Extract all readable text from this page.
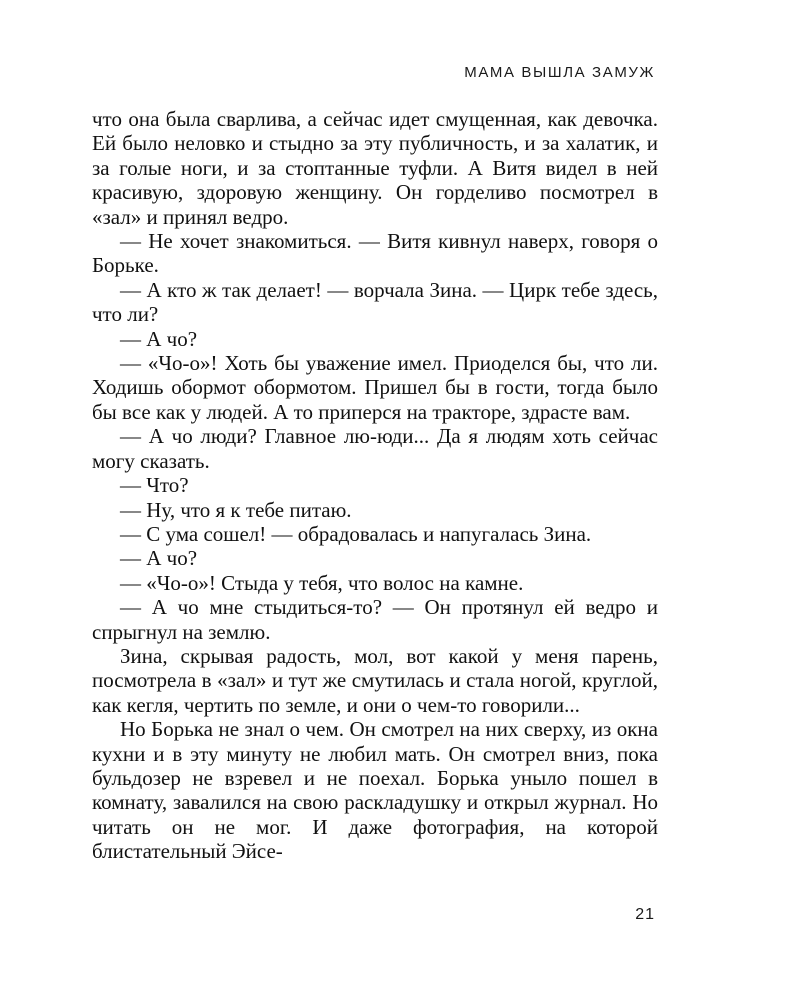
МАМА ВЫШЛА ЗАМУЖ

что она была сварлива, а сейчас идет смущенная, как девочка. Ей было неловко и стыдно за эту публичность, и за халатик, и за голые ноги, и за стоптанные туфли. А Витя видел в ней красивую, здоровую женщину. Он горделиво посмотрел в «зал» и принял ведро.

— Не хочет знакомиться. — Витя кивнул наверх, говоря о Борьке.

— А кто ж так делает! — ворчала Зина. — Цирк тебе здесь, что ли?

— А чо?

— «Чо-о»! Хоть бы уважение имел. Приоделся бы, что ли. Ходишь обормот обормотом. Пришел бы в гости, тогда было бы все как у людей. А то приперся на тракторе, здрасте вам.

— А чо люди? Главное лю-юди... Да я людям хоть сейчас могу сказать.

— Что?

— Ну, что я к тебе питаю.

— С ума сошел! — обрадовалась и напугалась Зина.

— А чо?

— «Чо-о»! Стыда у тебя, что волос на камне.

— А чо мне стыдиться-то? — Он протянул ей ведро и спрыгнул на землю.

Зина, скрывая радость, мол, вот какой у меня парень, посмотрела в «зал» и тут же смутилась и стала ногой, круглой, как кегля, чертить по земле, и они о чем-то говорили...

Но Борька не знал о чем. Он смотрел на них сверху, из окна кухни и в эту минуту не любил мать. Он смотрел вниз, пока бульдозер не взревел и не поехал. Борька уныло пошел в комнату, завалился на свою раскладушку и открыл журнал. Но читать он не мог. И даже фотография, на которой блистательный Эйсе-

21
